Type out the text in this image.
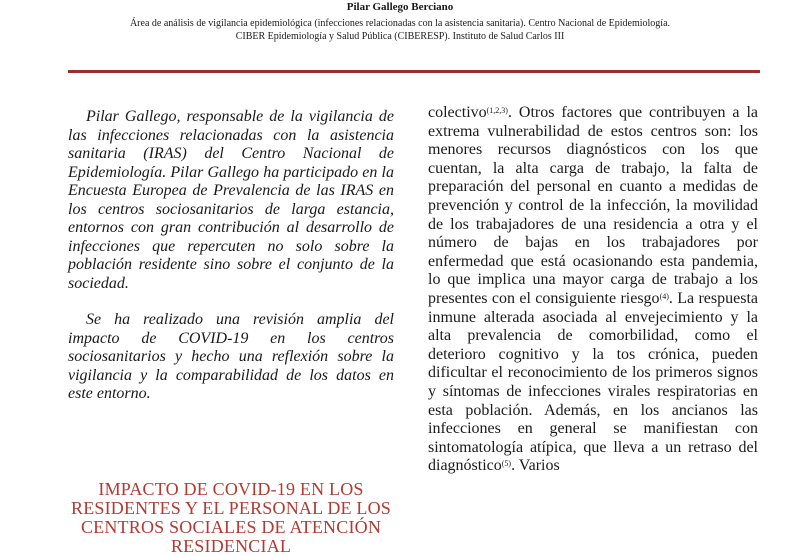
Pilar Gallego Berciano
Área de análisis de vigilancia epidemiológica (infecciones relacionadas con la asistencia sanitaria). Centro Nacional de Epidemiología.
CIBER Epidemiología y Salud Pública (CIBERESP). Instituto de Salud Carlos III

Pilar Gallego, responsable de la vigilancia de las infecciones relacionadas con la asistencia sanitaria (IRAS) del Centro Nacional de Epidemiología. Pilar Gallego ha participado en la Encuesta Europea de Prevalencia de las IRAS en los centros sociosanitarios de larga estancia, entornos con gran contribución al desarrollo de infecciones que repercuten no solo sobre la población residente sino sobre el conjunto de la sociedad.

Se ha realizado una revisión amplia del impacto de COVID-19 en los centros sociosanitarios y hecho una reflexión sobre la vigilancia y la comparabilidad de los datos en este entorno.

IMPACTO DE COVID-19 EN LOS RESIDENTES Y EL PERSONAL DE LOS CENTROS SOCIALES DE ATENCIÓN RESIDENCIAL

colectivo$^{(1,2,3)}$. Otros factores que contribuyen a la extrema vulnerabilidad de estos centros son: los menores recursos diagnósticos con los que cuentan, la alta carga de trabajo, la falta de preparación del personal en cuanto a medidas de prevención y control de la infección, la movilidad de los trabajadores de una residencia a otra y el número de bajas en los trabajadores por enfermedad que está ocasionando esta pandemia, lo que implica una mayor carga de trabajo a los presentes con el consiguiente riesgo$^{(4)}$. La respuesta inmune alterada asociada al envejecimiento y la alta prevalencia de comorbilidad, como el deterioro cognitivo y la tos crónica, pueden dificultar el reconocimiento de los primeros signos y síntomas de infecciones virales respiratorias en esta población. Además, en los ancianos las infecciones en general se manifiestan con sintomatología atípica, que lleva a un retraso del diagnóstico$^{(5)}$. Varios
